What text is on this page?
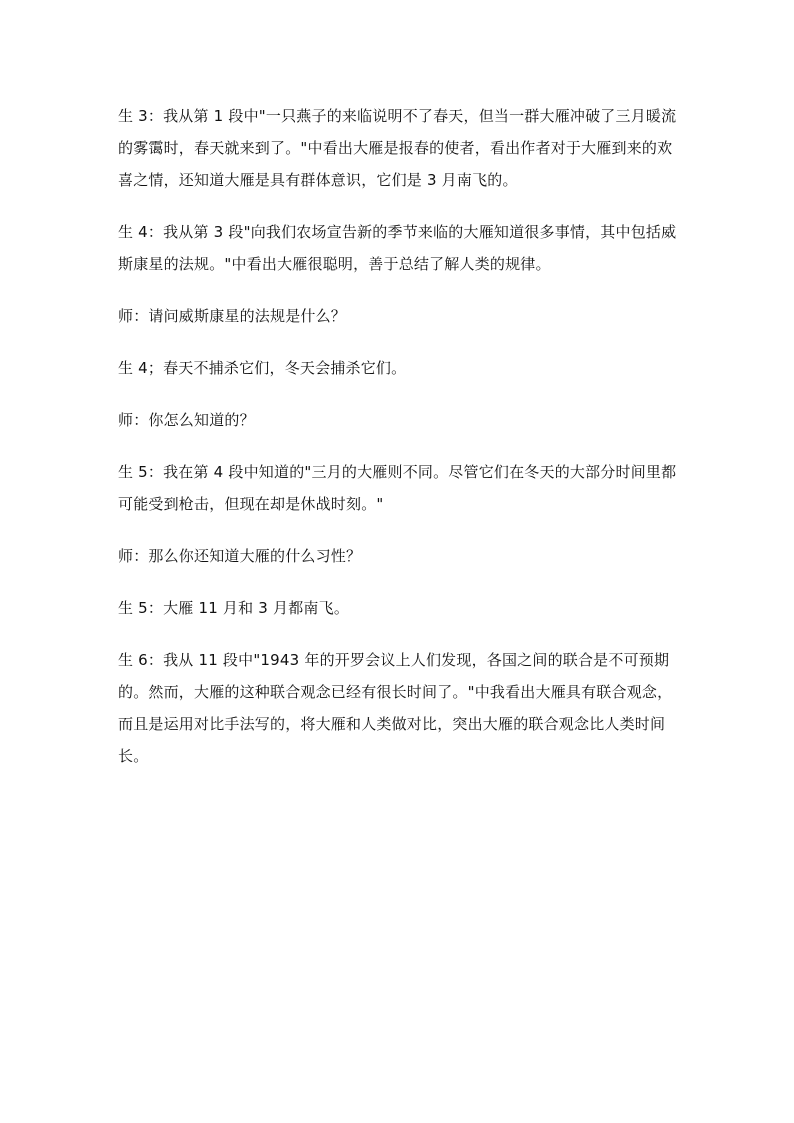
生 3：我从第 1 段中"一只燕子的来临说明不了春天，但当一群大雁冲破了三月暖流的雾霭时，春天就来到了。"中看出大雁是报春的使者，看出作者对于大雁到来的欢喜之情，还知道大雁是具有群体意识，它们是 3 月南飞的。

生 4：我从第 3 段"向我们农场宣告新的季节来临的大雁知道很多事情，其中包括威斯康星的法规。"中看出大雁很聪明，善于总结了解人类的规律。

师：请问威斯康星的法规是什么？

生 4；春天不捕杀它们，冬天会捕杀它们。

师：你怎么知道的？

生 5：我在第 4 段中知道的"三月的大雁则不同。尽管它们在冬天的大部分时间里都可能受到枪击，但现在却是休战时刻。"

师：那么你还知道大雁的什么习性？

生 5：大雁 11 月和 3 月都南飞。

生 6：我从 11 段中"1943 年的开罗会议上人们发现，各国之间的联合是不可预期的。然而，大雁的这种联合观念已经有很长时间了。"中我看出大雁具有联合观念，而且是运用对比手法写的，将大雁和人类做对比，突出大雁的联合观念比人类时间长。
